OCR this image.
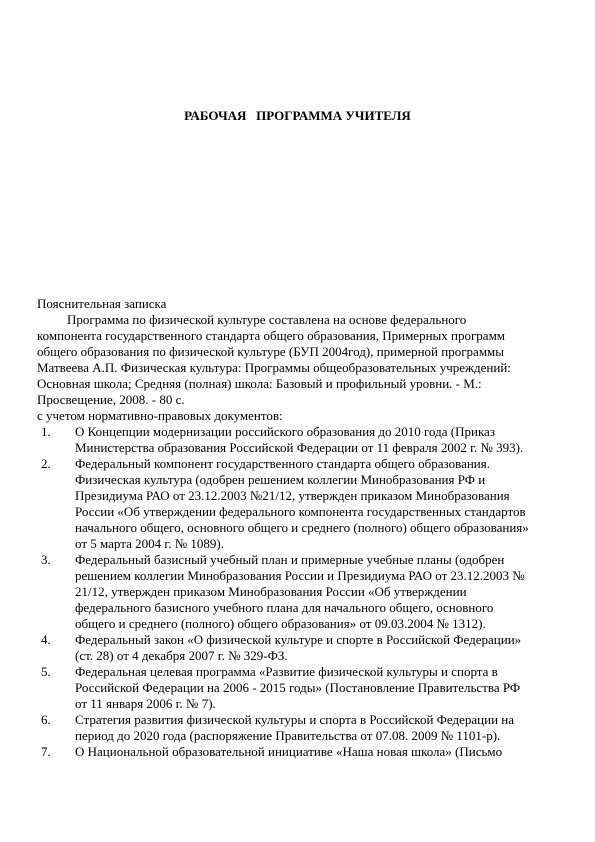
РАБОЧАЯ   ПРОГРАММА УЧИТЕЛЯ
Пояснительная записка
Программа по физической культуре составлена на основе федерального
компонента государственного стандарта общего образования, Примерных программ
общего образования по физической культуре (БУП 2004год), примерной программы
Матвеева А.П. Физическая культура: Программы общеобразовательных учреждений:
Основная школа; Средняя (полная) школа: Базовый и профильный уровни. - М.:
Просвещение, 2008. - 80 с.
с учетом нормативно-правовых документов:
1. О Концепции модернизации российского образования до 2010 года (Приказ
Министерства образования Российской Федерации от 11 февраля 2002 г. № 393).
2. Федеральный компонент государственного стандарта общего образования.
Физическая культура (одобрен решением коллегии Минобразования РФ и
Президиума РАО от 23.12.2003 №21/12, утвержден приказом Минобразования
России «Об утверждении федерального компонента государственных стандартов
начального общего, основного общего и среднего (полного) общего образования»
от 5 марта 2004 г. № 1089).
3. Федеральный базисный учебный план и примерные учебные планы (одобрен
решением коллегии Минобразования России и Президиума РАО от 23.12.2003 №
21/12, утвержден приказом Минобразования России «Об утверждении
федерального базисного учебного плана для начального общего, основного
общего и среднего (полного) общего образования» от 09.03.2004 № 1312).
4. Федеральный закон «О физической культуре и спорте в Российской Федерации»
(ст. 28) от 4 декабря 2007 г. № 329-ФЗ.
5. Федеральная целевая программа «Развитие физической культуры и спорта в
Российской Федерации на 2006 - 2015 годы» (Постановление Правительства РФ
от 11 января 2006 г. № 7).
6. Стратегия развития физической культуры и спорта в Российской Федерации на
период до 2020 года (распоряжение Правительства от 07.08. 2009 № 1101-р).
7. О Национальной образовательной инициативе «Наша новая школа» (Письмо
